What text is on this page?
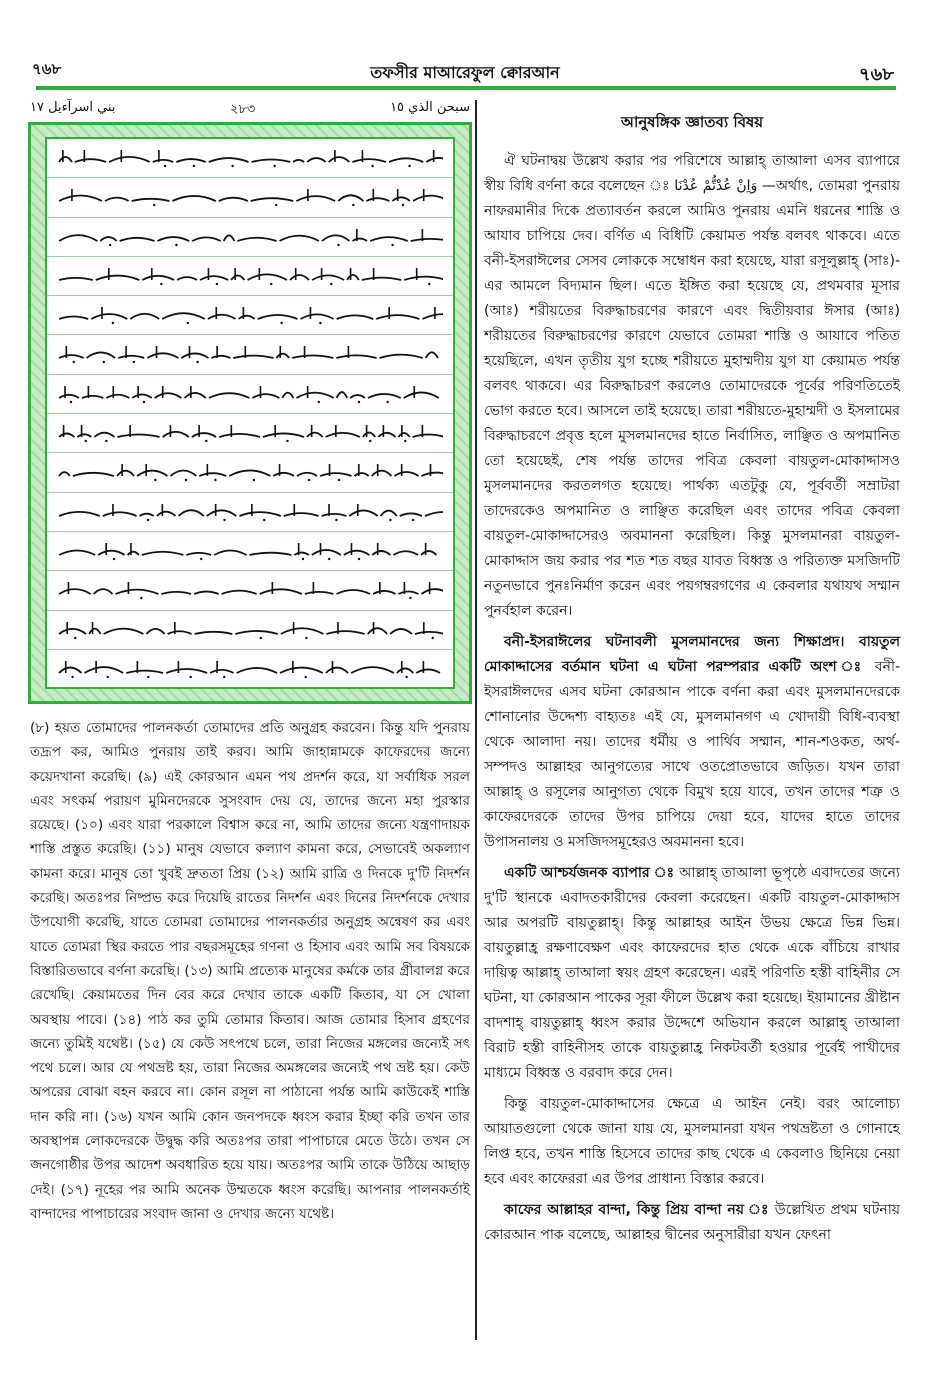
৭৬৮	তফসীর মাআরেফুল ক্বোরআন	৭৬৮
بني اسرآءيل ١٧	২৮৩	سبحن الذي ١٥
(৮) হয়ত তোমাদের পালনকর্তা তোমাদের প্রতি অনুগ্রহ করবেন। কিন্তু যদি পুনরায় তদ্রূপ কর, আমিও পুনরায় তাই করব। আমি জাহান্নামকে কাফেরদের জন্যে কয়েদখানা করেছি। (৯) এই কোরআন এমন পথ প্রদর্শন করে, যা সর্বাধিক সরল এবং সৎকর্ম পরায়ণ মুমিনদেরকে সুসংবাদ দেয় যে, তাদের জন্যে মহা পুরস্কার রয়েছে। (১০) এবং যারা পরকালে বিশ্বাস করে না, আমি তাদের জন্যে যন্ত্রণাদায়ক শাস্তি প্রস্তুত করেছি। (১১) মানুষ যেভাবে কল্যাণ কামনা করে, সেভাবেই অকল্যাণ কামনা করে। মানুষ তো খুবই দ্রুততা প্রিয় (১২) আমি রাত্রি ও দিনকে দু'টি নিদর্শন করেছি। অতঃপর নিষ্প্রভ করে দিয়েছি রাতের নিদর্শন এবং দিনের নিদর্শনকে দেখার উপযোগী করেছি, যাতে তোমরা তোমাদের পালনকর্তার অনুগ্রহ অন্বেষণ কর এবং যাতে তোমরা স্থির করতে পার বছরসমূহের গণনা ও হিসাব এবং আমি সব বিষয়কে বিস্তারিতভাবে বর্ণনা করেছি। (১৩) আমি প্রত্যেক মানুষের কর্মকে তার গ্রীবালগ্ন করে রেখেছি। কেয়ামতের দিন বের করে দেখাব তাকে একটি কিতাব, যা সে খোলা অবস্থায় পাবে। (১৪) পাঠ কর তুমি তোমার কিতাব। আজ তোমার হিসাব গ্রহণের জন্যে তুমিই যথেষ্ট। (১৫) যে কেউ সৎপথে চলে, তারা নিজের মঙ্গলের জন্যেই সৎ পথে চলে। আর যে পথভ্রষ্ট হয়, তারা নিজের অমঙ্গলের জন্যেই পথ ভ্রষ্ট হয়। কেউ অপরের বোঝা বহন করবে না। কোন রসূল না পাঠানো পর্যন্ত আমি কাউকেই শাস্তি দান করি না। (১৬) যখন আমি কোন জনপদকে ধ্বংস করার ইচ্ছা করি তখন তার অবস্থাপন্ন লোকদেরকে উদ্বুদ্ধ করি অতঃপর তারা পাপাচারে মেতে উঠে। তখন সে জনগোষ্ঠীর উপর আদেশ অবধারিত হয়ে যায়। অতঃপর আমি তাকে উঠিয়ে আছাড় দেই। (১৭) নূহের পর আমি অনেক উম্মতকে ধ্বংস করেছি। আপনার পালনকর্তাই বান্দাদের পাপাচারের সংবাদ জানা ও দেখার জন্যে যথেষ্ট।

আনুষঙ্গিক জ্ঞাতব্য বিষয়

ঐ ঘটনাদ্বয় উল্লেখ করার পর পরিশেষে আল্লাহ্ তাআলা এসব ব্যাপারে স্বীয় বিধি বর্ণনা করে বলেছেন ঃ وَاِنْ عُدْتُّمْ عُدْنَا —অর্থাৎ, তোমরা পুনরায় নাফরমানীর দিকে প্রত্যাবর্তন করলে আমিও পুনরায় এমনি ধরনের শাস্তি ও আযাব চাপিয়ে দেব। বর্ণিত এ বিধিটি কেয়ামত পর্যন্ত বলবৎ থাকবে। এতে বনী-ইসরাঈলের সেসব লোককে সম্বোধন করা হয়েছে, যারা রসূলুল্লাহ্ (সাঃ)-এর আমলে বিদ্যমান ছিল। এতে ইঙ্গিত করা হয়েছে যে, প্রথমবার মূসার (আঃ) শরীয়তের বিরুদ্ধাচরণের কারণে এবং দ্বিতীয়বার ঈসার (আঃ) শরীয়তের বিরুদ্ধাচরণের কারণে যেভাবে তোমরা শাস্তি ও আযাবে পতিত হয়েছিলে, এখন তৃতীয় যুগ হচ্ছে শরীয়তে মুহাম্মদীয় যুগ যা কেয়ামত পর্যন্ত বলবৎ থাকবে। এর বিরুদ্ধাচরণ করলেও তোমাদেরকে পূর্বের পরিণতিতেই ভোগ করতে হবে। আসলে তাই হয়েছে। তারা শরীয়তে-মুহাম্মদী ও ইসলামের বিরুদ্ধাচরণে প্রবৃত্ত হলে মুসলমানদের হাতে নির্বাসিত, লাঞ্ছিত ও অপমানিত তো হয়েছেই, শেষ পর্যন্ত তাদের পবিত্র কেবলা বায়তুল-মোকাদ্দাসও মুসলমানদের করতলগত হয়েছে। পার্থক্য এতটুকু যে, পূর্ববর্তী সম্রাটরা তাদেরকেও অপমানিত ও লাঞ্ছিত করেছিল এবং তাদের পবিত্র কেবলা বায়তুল-মোকাদ্দাসেরও অবমাননা করেছিল। কিন্তু মুসলমানরা বায়তুল-মোকাদ্দাস জয় করার পর শত শত বছর যাবত বিধ্বস্ত ও পরিত্যক্ত মসজিদটি নতুনভাবে পুনঃনির্মাণ করেন এবং পয়গম্বরগণের এ কেবলার যথাযথ সম্মান পুনর্বহাল করেন।

বনী-ইসরাঈলের ঘটনাবলী মুসলমানদের জন্য শিক্ষাপ্রদ। বায়তুল মোকাদ্দাসের বর্তমান ঘটনা এ ঘটনা পরম্পরার একটি অংশ ঃ বনী-ইসরাঈলদের এসব ঘটনা কোরআন পাকে বর্ণনা করা এবং মুসলমানদেরকে শোনানোর উদ্দেশ্য বাহ্যতঃ এই যে, মুসলমানগণ এ খোদায়ী বিধি-ব্যবস্থা থেকে আলাদা নয়। তাদের ধর্মীয় ও পার্থিব সম্মান, শান-শওকত, অর্থ-সম্পদও আল্লাহর আনুগত্যের সাথে ওতপ্রোতভাবে জড়িত। যখন তারা আল্লাহ্ ও রসূলের আনুগত্য থেকে বিমুখ হয়ে যাবে, তখন তাদের শত্রু ও কাফেরদেরকে তাদের উপর চাপিয়ে দেয়া হবে, যাদের হাতে তাদের উপাসনালয় ও মসজিদসমূহেরও অবমাননা হবে।

একটি আশ্চর্যজনক ব্যাপার ঃ আল্লাহ্ তাআলা ভূপৃষ্ঠে এবাদতের জন্যে দু'টি স্থানকে এবাদতকারীদের কেবলা করেছেন। একটি বায়তুল-মোকাদ্দাস আর অপরটি বায়তুল্লাহ্। কিন্তু আল্লাহর আইন উভয় ক্ষেত্রে ভিন্ন ভিন্ন। বায়তুল্লাহ্র রক্ষণাবেক্ষণ এবং কাফেরদের হাত থেকে একে বাঁচিয়ে রাখার দায়িত্ব আল্লাহ্ তাআলা স্বয়ং গ্রহণ করেছেন। এরই পরিণতি হস্তী বাহিনীর সে ঘটনা, যা কোরআন পাকের সূরা ফীলে উল্লেখ করা হয়েছে। ইয়ামানের খ্রীষ্টান বাদশাহ্ বায়তুল্লাহ্ ধ্বংস করার উদ্দেশে অভিযান করলে আল্লাহ্ তাআলা বিরাট হস্তী বাহিনীসহ তাকে বায়তুল্লাহ্র নিকটবর্তী হওয়ার পূর্বেই পাখীদের মাধ্যমে বিধ্বস্ত ও বরবাদ করে দেন।

কিন্তু বায়তুল-মোকাদ্দাসের ক্ষেত্রে এ আইন নেই। বরং আলোচ্য আয়াতগুলো থেকে জানা যায় যে, মুসলমানরা যখন পথভ্রষ্টতা ও গোনাহে লিপ্ত হবে, তখন শাস্তি হিসেবে তাদের কাছ থেকে এ কেবলাও ছিনিয়ে নেয়া হবে এবং কাফেররা এর উপর প্রাধান্য বিস্তার করবে।

কাফের আল্লাহর বান্দা, কিন্তু প্রিয় বান্দা নয় ঃ উল্লেখিত প্রথম ঘটনায় কোরআন পাক বলেছে, আল্লাহর দ্বীনের অনুসারীরা যখন ফেৎনা
